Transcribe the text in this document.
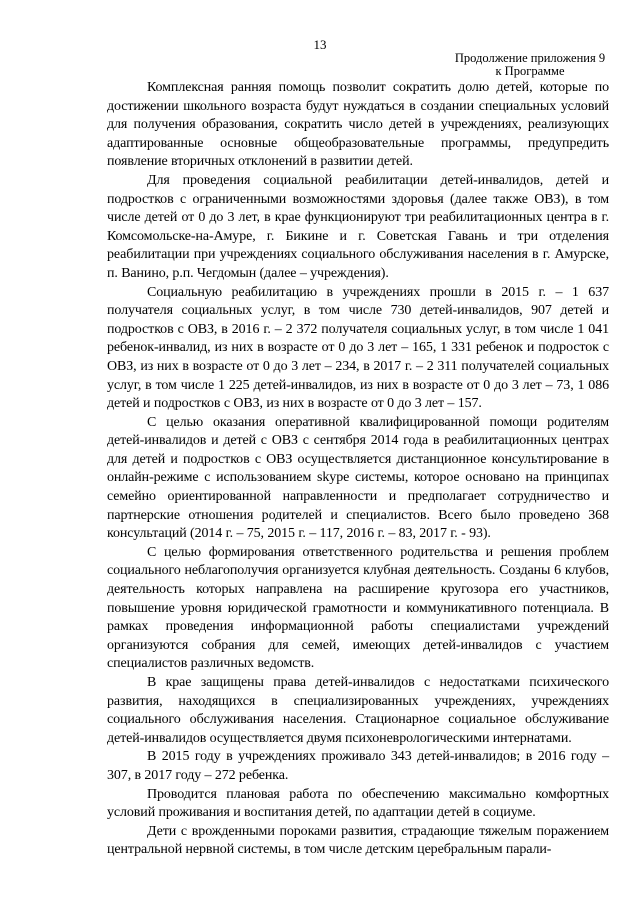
13
Продолжение приложения 9
к Программе

Комплексная ранняя помощь позволит сократить долю детей, которые по достижении школьного возраста будут нуждаться в создании специальных условий для получения образования, сократить число детей в учреждениях, реализующих адаптированные основные общеобразовательные программы, предупредить появление вторичных отклонений в развитии детей.

Для проведения социальной реабилитации детей-инвалидов, детей и подростков с ограниченными возможностями здоровья (далее также ОВЗ), в том числе детей от 0 до 3 лет, в крае функционируют три реабилитационных центра в г. Комсомольске-на-Амуре, г. Бикине и г. Советская Гавань и три отделения реабилитации при учреждениях социального обслуживания населения в г. Амурске, п. Ванино, р.п. Чегдомын (далее – учреждения).

Социальную реабилитацию в учреждениях прошли в 2015 г. – 1 637 получателя социальных услуг, в том числе 730 детей-инвалидов, 907 детей и подростков с ОВЗ, в 2016 г. – 2 372 получателя социальных услуг, в том числе 1 041 ребенок-инвалид, из них в возрасте от 0 до 3 лет – 165, 1 331 ребенок и подросток с ОВЗ, из них в возрасте от 0 до 3 лет – 234, в 2017 г. – 2 311 получателей социальных услуг, в том числе 1 225 детей-инвалидов, из них в возрасте от 0 до 3 лет – 73, 1 086 детей и подростков с ОВЗ, из них в возрасте от 0 до 3 лет – 157.

С целью оказания оперативной квалифицированной помощи родителям детей-инвалидов и детей с ОВЗ с сентября 2014 года в реабилитационных центрах для детей и подростков с ОВЗ осуществляется дистанционное консультирование в онлайн-режиме с использованием skype системы, которое основано на принципах семейно ориентированной направленности и предполагает сотрудничество и партнерские отношения родителей и специалистов. Всего было проведено 368 консультаций (2014 г. – 75, 2015 г. – 117, 2016 г. – 83, 2017 г. - 93).

С целью формирования ответственного родительства и решения проблем социального неблагополучия организуется клубная деятельность. Созданы 6 клубов, деятельность которых направлена на расширение кругозора его участников, повышение уровня юридической грамотности и коммуникативного потенциала. В рамках проведения информационной работы специалистами учреждений организуются собрания для семей, имеющих детей-инвалидов с участием специалистов различных ведомств.

В крае защищены права детей-инвалидов с недостатками психического развития, находящихся в специализированных учреждениях, учреждениях социального обслуживания населения. Стационарное социальное обслуживание детей-инвалидов осуществляется двумя психоневрологическими интернатами.

В 2015 году в учреждениях проживало 343 детей-инвалидов; в 2016 году – 307, в 2017 году – 272 ребенка.

Проводится плановая работа по обеспечению максимально комфортных условий проживания и воспитания детей, по адаптации детей в социуме.

Дети с врожденными пороками развития, страдающие тяжелым поражением центральной нервной системы, в том числе детским церебральным парали-
